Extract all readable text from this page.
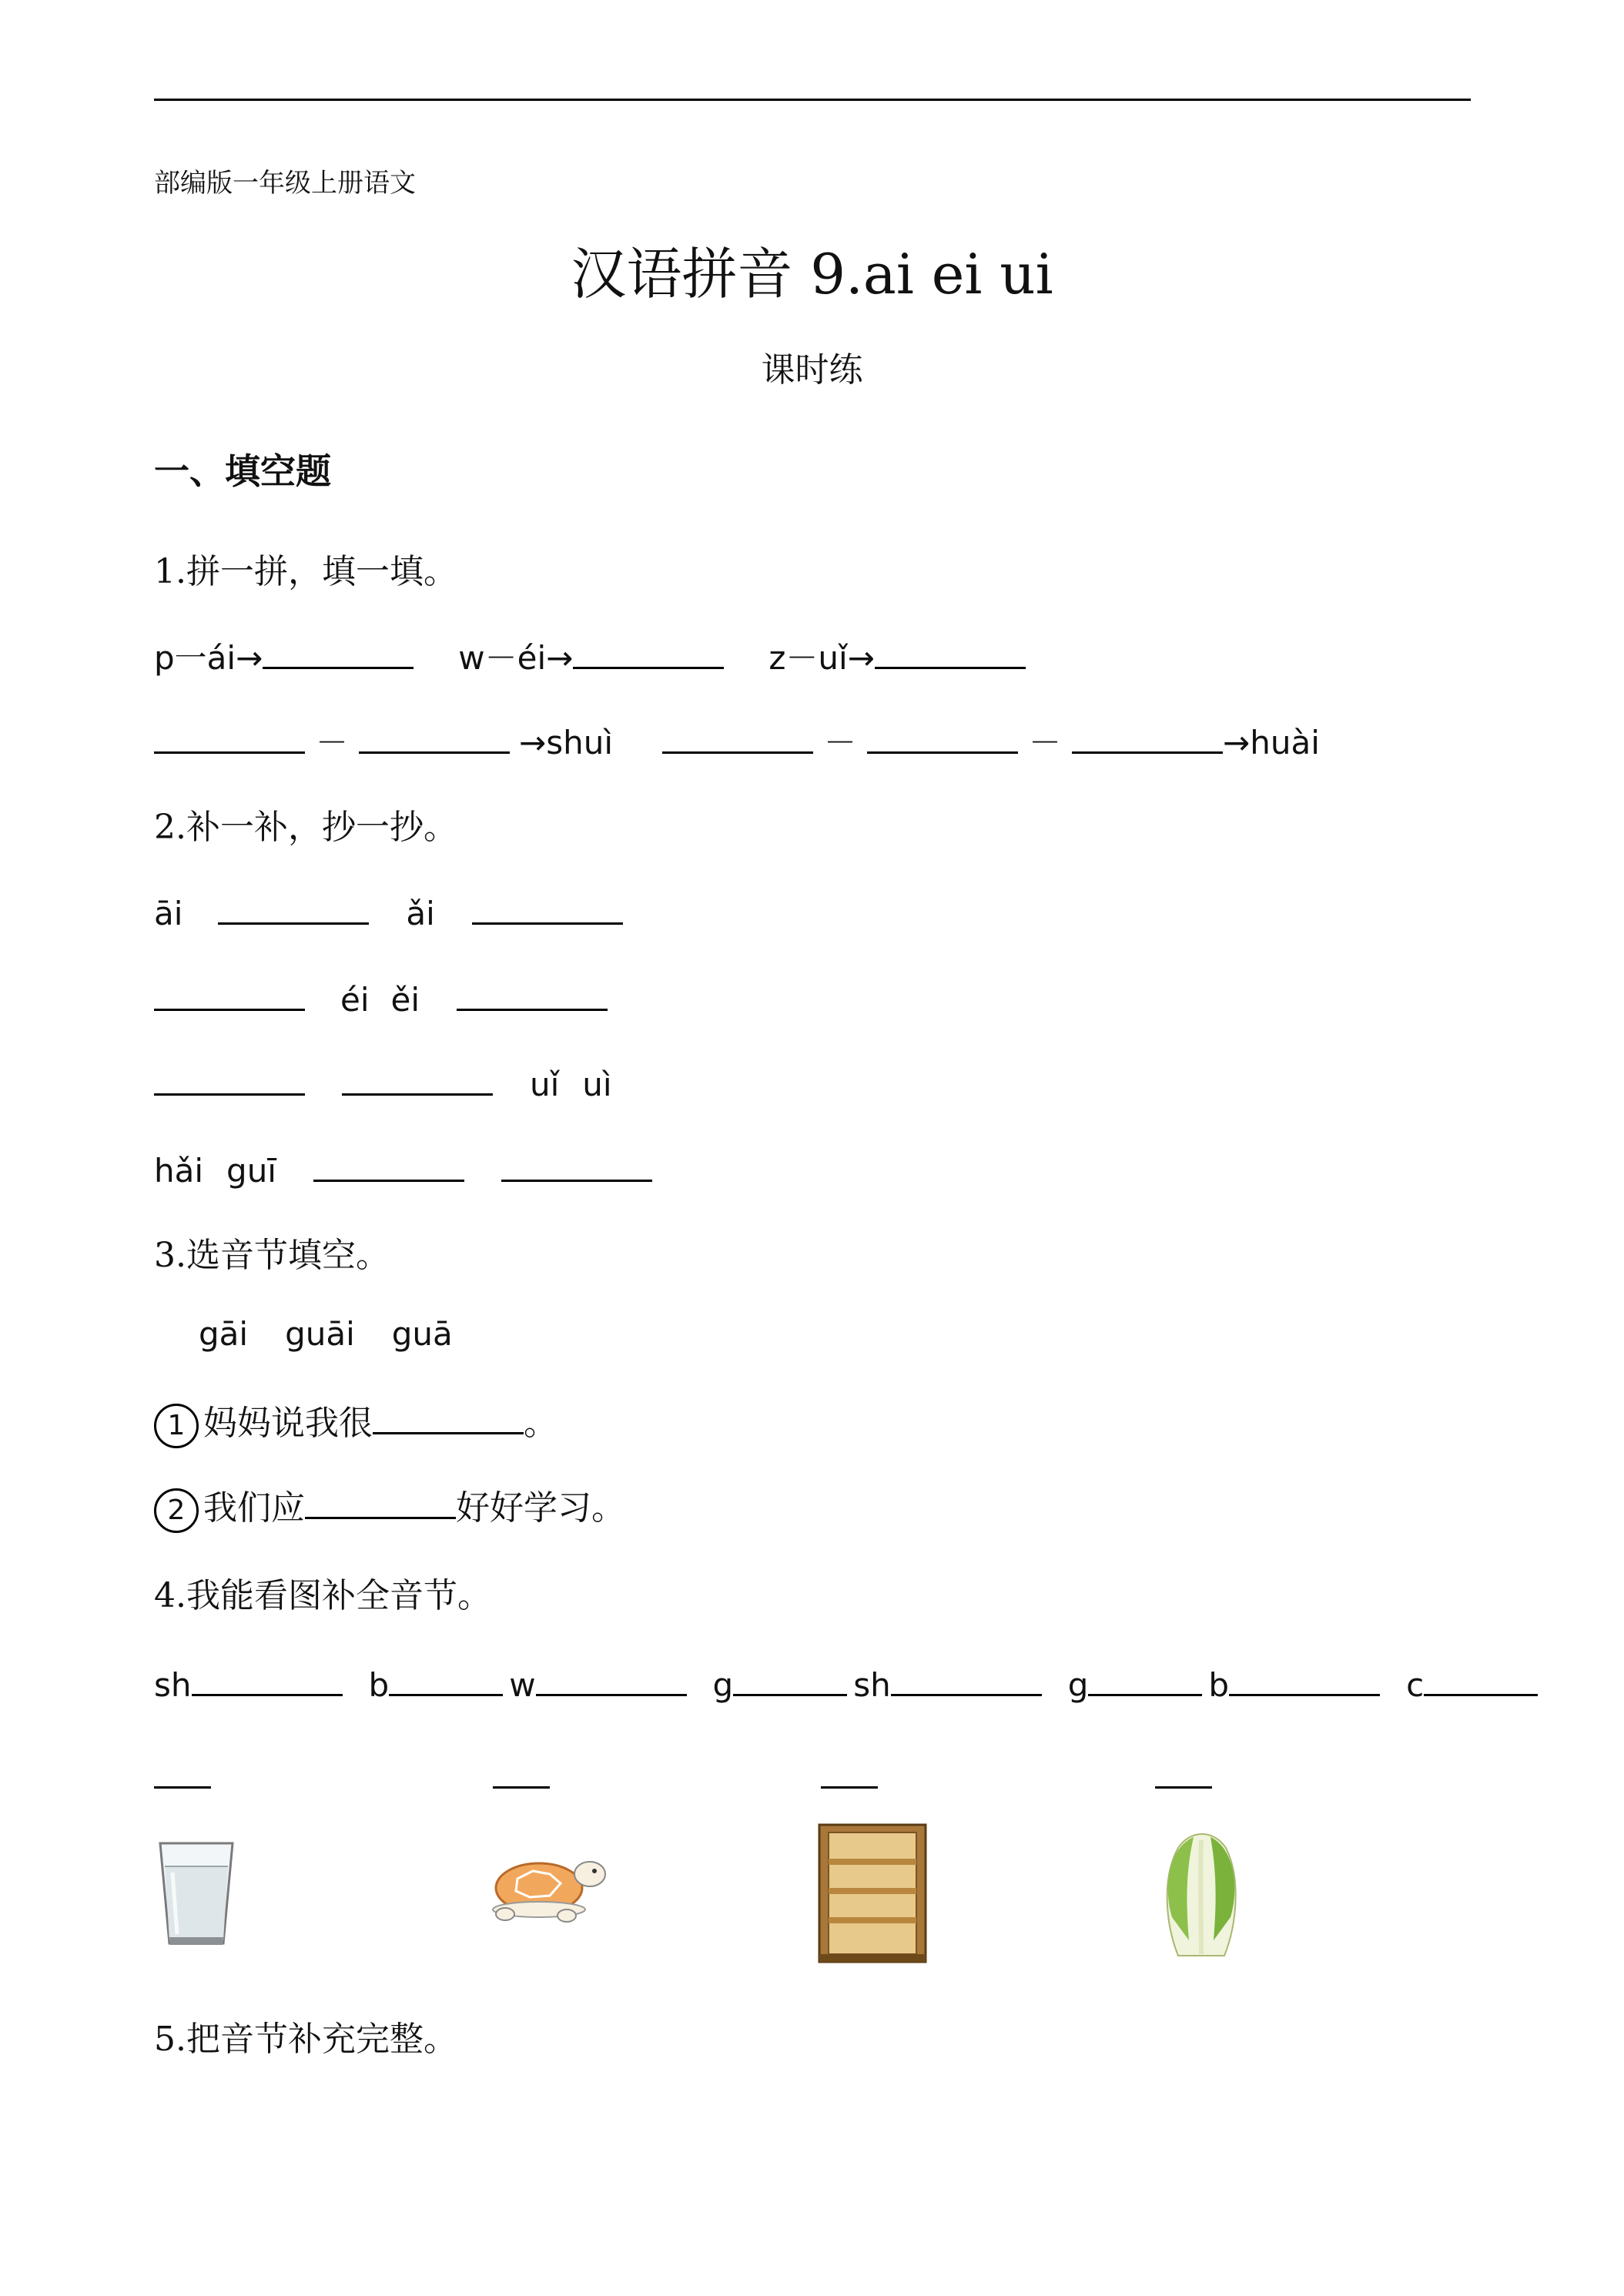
部编版一年级上册语文
汉语拼音 9.ai ei ui
课时练
一、填空题
1.拼一拼，填一填。
p一ái→	w－éi→	z－uǐ→
－	→shuì	－	－	→huài
2.补一补，抄一抄。
āi	ǎi
éi ěi
uǐ uì
hǎi guī
3.选音节填空。
gāi guāi guā
1 妈妈说我很	。
2 我们应	好好学习。
4.我能看图补全音节。
sh	b	w	g	sh	g	b	c
5.把音节补充完整。
